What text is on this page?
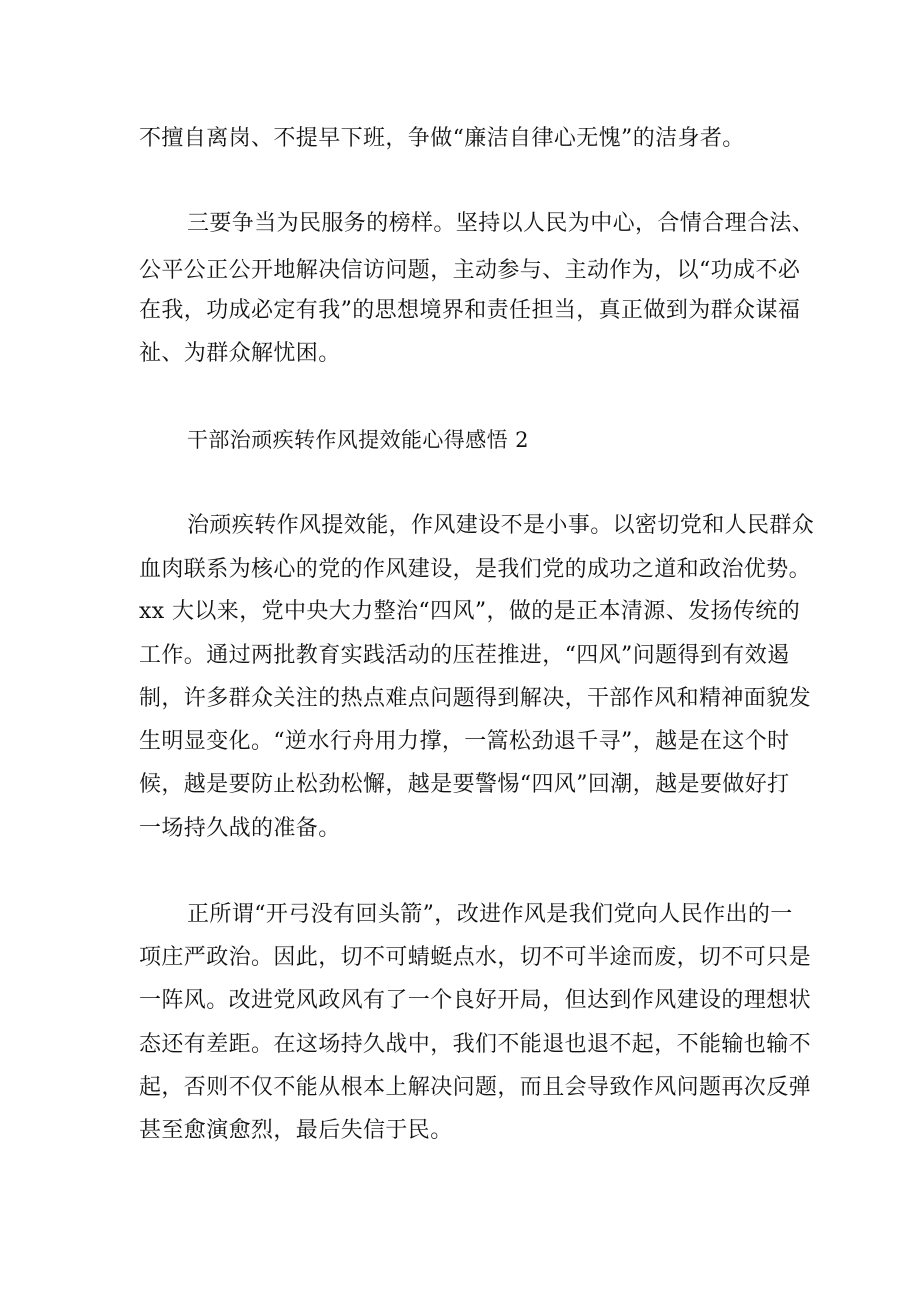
不擅自离岗、不提早下班，争做“廉洁自律心无愧”的洁身者。
三要争当为民服务的榜样。坚持以人民为中心，合情合理合法、
公平公正公开地解决信访问题，主动参与、主动作为，以“功成不必
在我，功成必定有我”的思想境界和责任担当，真正做到为群众谋福
祉、为群众解忧困。
干部治顽疾转作风提效能心得感悟 2
治顽疾转作风提效能，作风建设不是小事。以密切党和人民群众
血肉联系为核心的党的作风建设，是我们党的成功之道和政治优势。
xx 大以来，党中央大力整治“四风”，做的是正本清源、发扬传统的
工作。通过两批教育实践活动的压茬推进，“四风”问题得到有效遏
制，许多群众关注的热点难点问题得到解决，干部作风和精神面貌发
生明显变化。“逆水行舟用力撑，一篙松劲退千寻”，越是在这个时
候，越是要防止松劲松懈，越是要警惕“四风”回潮，越是要做好打
一场持久战的准备。
正所谓“开弓没有回头箭”，改进作风是我们党向人民作出的一
项庄严政治。因此，切不可蜻蜓点水，切不可半途而废，切不可只是
一阵风。改进党风政风有了一个良好开局，但达到作风建设的理想状
态还有差距。在这场持久战中，我们不能退也退不起，不能输也输不
起，否则不仅不能从根本上解决问题，而且会导致作风问题再次反弹
甚至愈演愈烈，最后失信于民。
